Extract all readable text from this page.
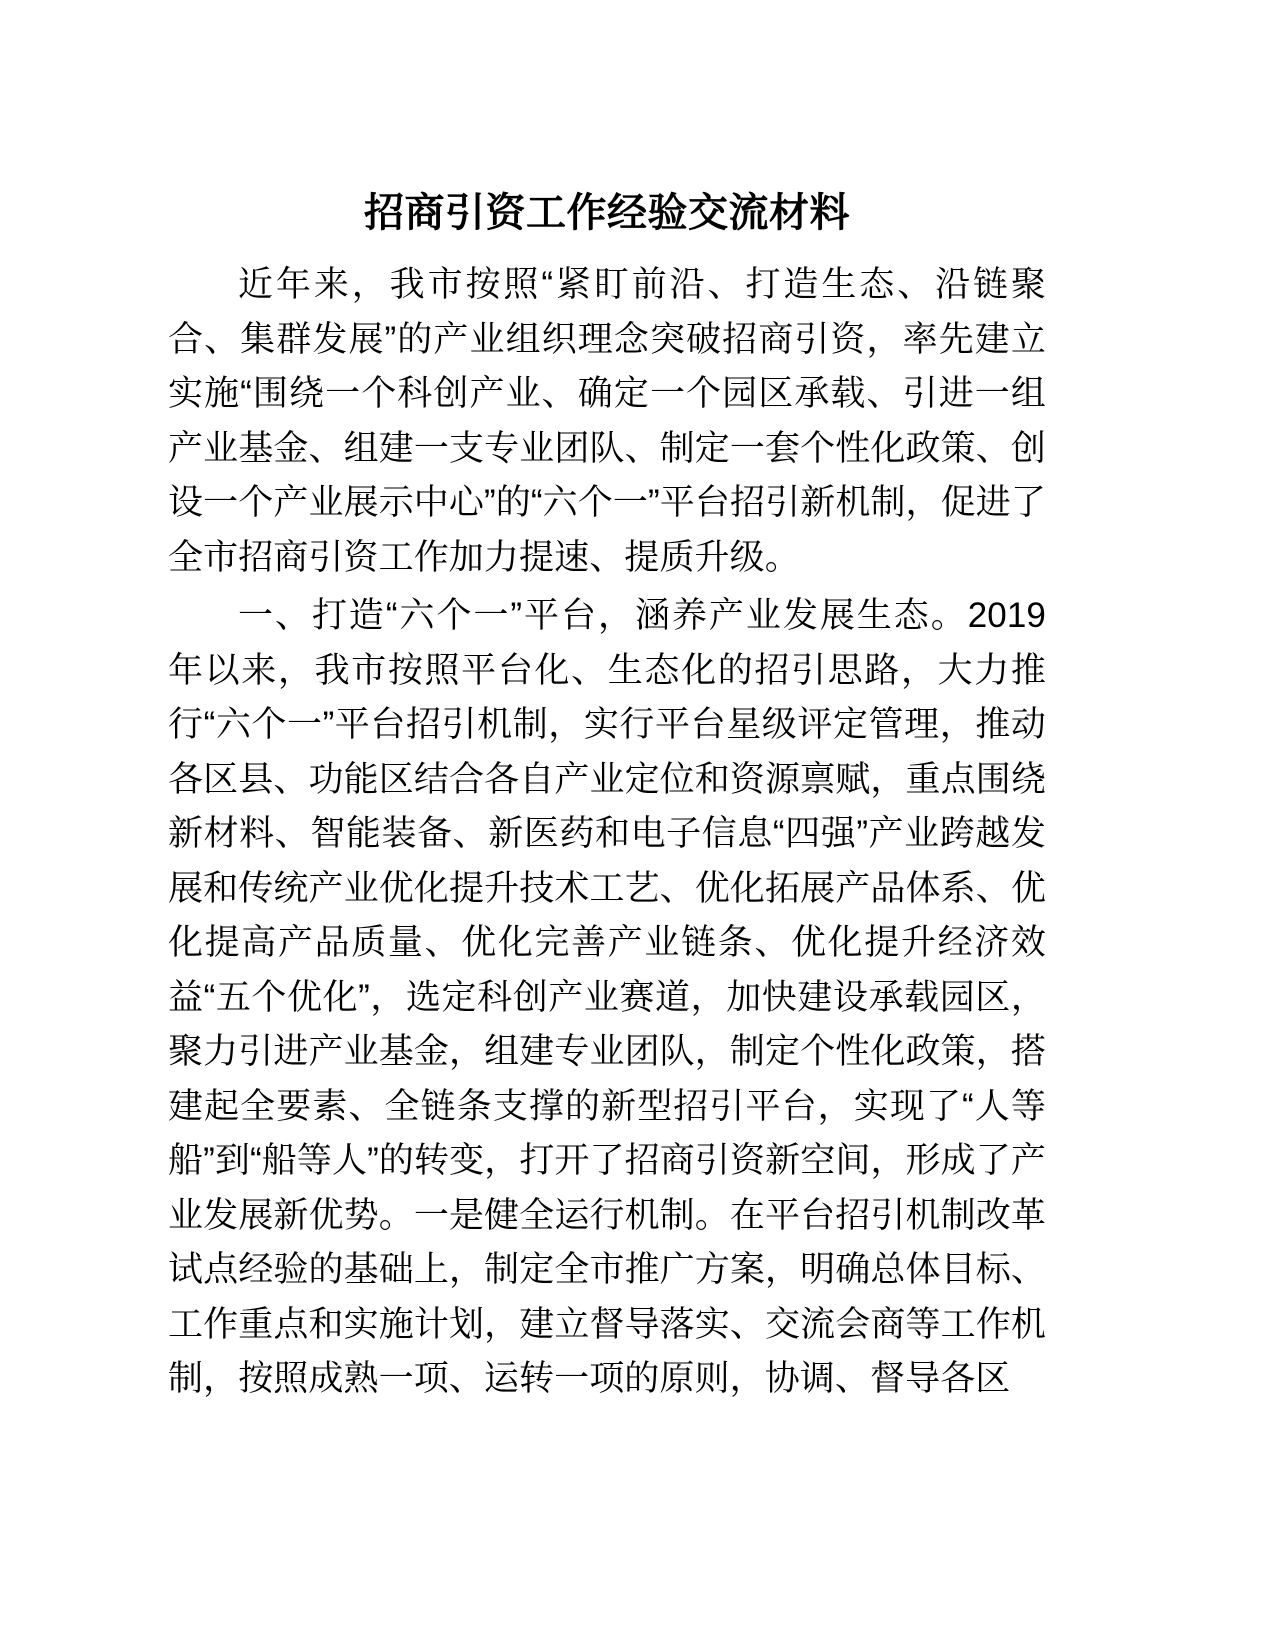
招商引资工作经验交流材料

近年来，我市按照“紧盯前沿、打造生态、沿链聚合、集群发展”的产业组织理念突破招商引资，率先建立实施“围绕一个科创产业、确定一个园区承载、引进一组产业基金、组建一支专业团队、制定一套个性化政策、创设一个产业展示中心”的“六个一”平台招引新机制，促进了全市招商引资工作加力提速、提质升级。

一、打造“六个一”平台，涵养产业发展生态。2019 年以来，我市按照平台化、生态化的招引思路，大力推行“六个一”平台招引机制，实行平台星级评定管理，推动各区县、功能区结合各自产业定位和资源禀赋，重点围绕新材料、智能装备、新医药和电子信息“四强”产业跨越发展和传统产业优化提升技术工艺、优化拓展产品体系、优化提高产品质量、优化完善产业链条、优化提升经济效益“五个优化”，选定科创产业赛道，加快建设承载园区，聚力引进产业基金，组建专业团队，制定个性化政策，搭建起全要素、全链条支撑的新型招引平台，实现了“人等船”到“船等人”的转变，打开了招商引资新空间，形成了产业发展新优势。一是健全运行机制。在平台招引机制改革试点经验的基础上，制定全市推广方案，明确总体目标、工作重点和实施计划，建立督导落实、交流会商等工作机制，按照成熟一项、运转一项的原则，协调、督导各区
